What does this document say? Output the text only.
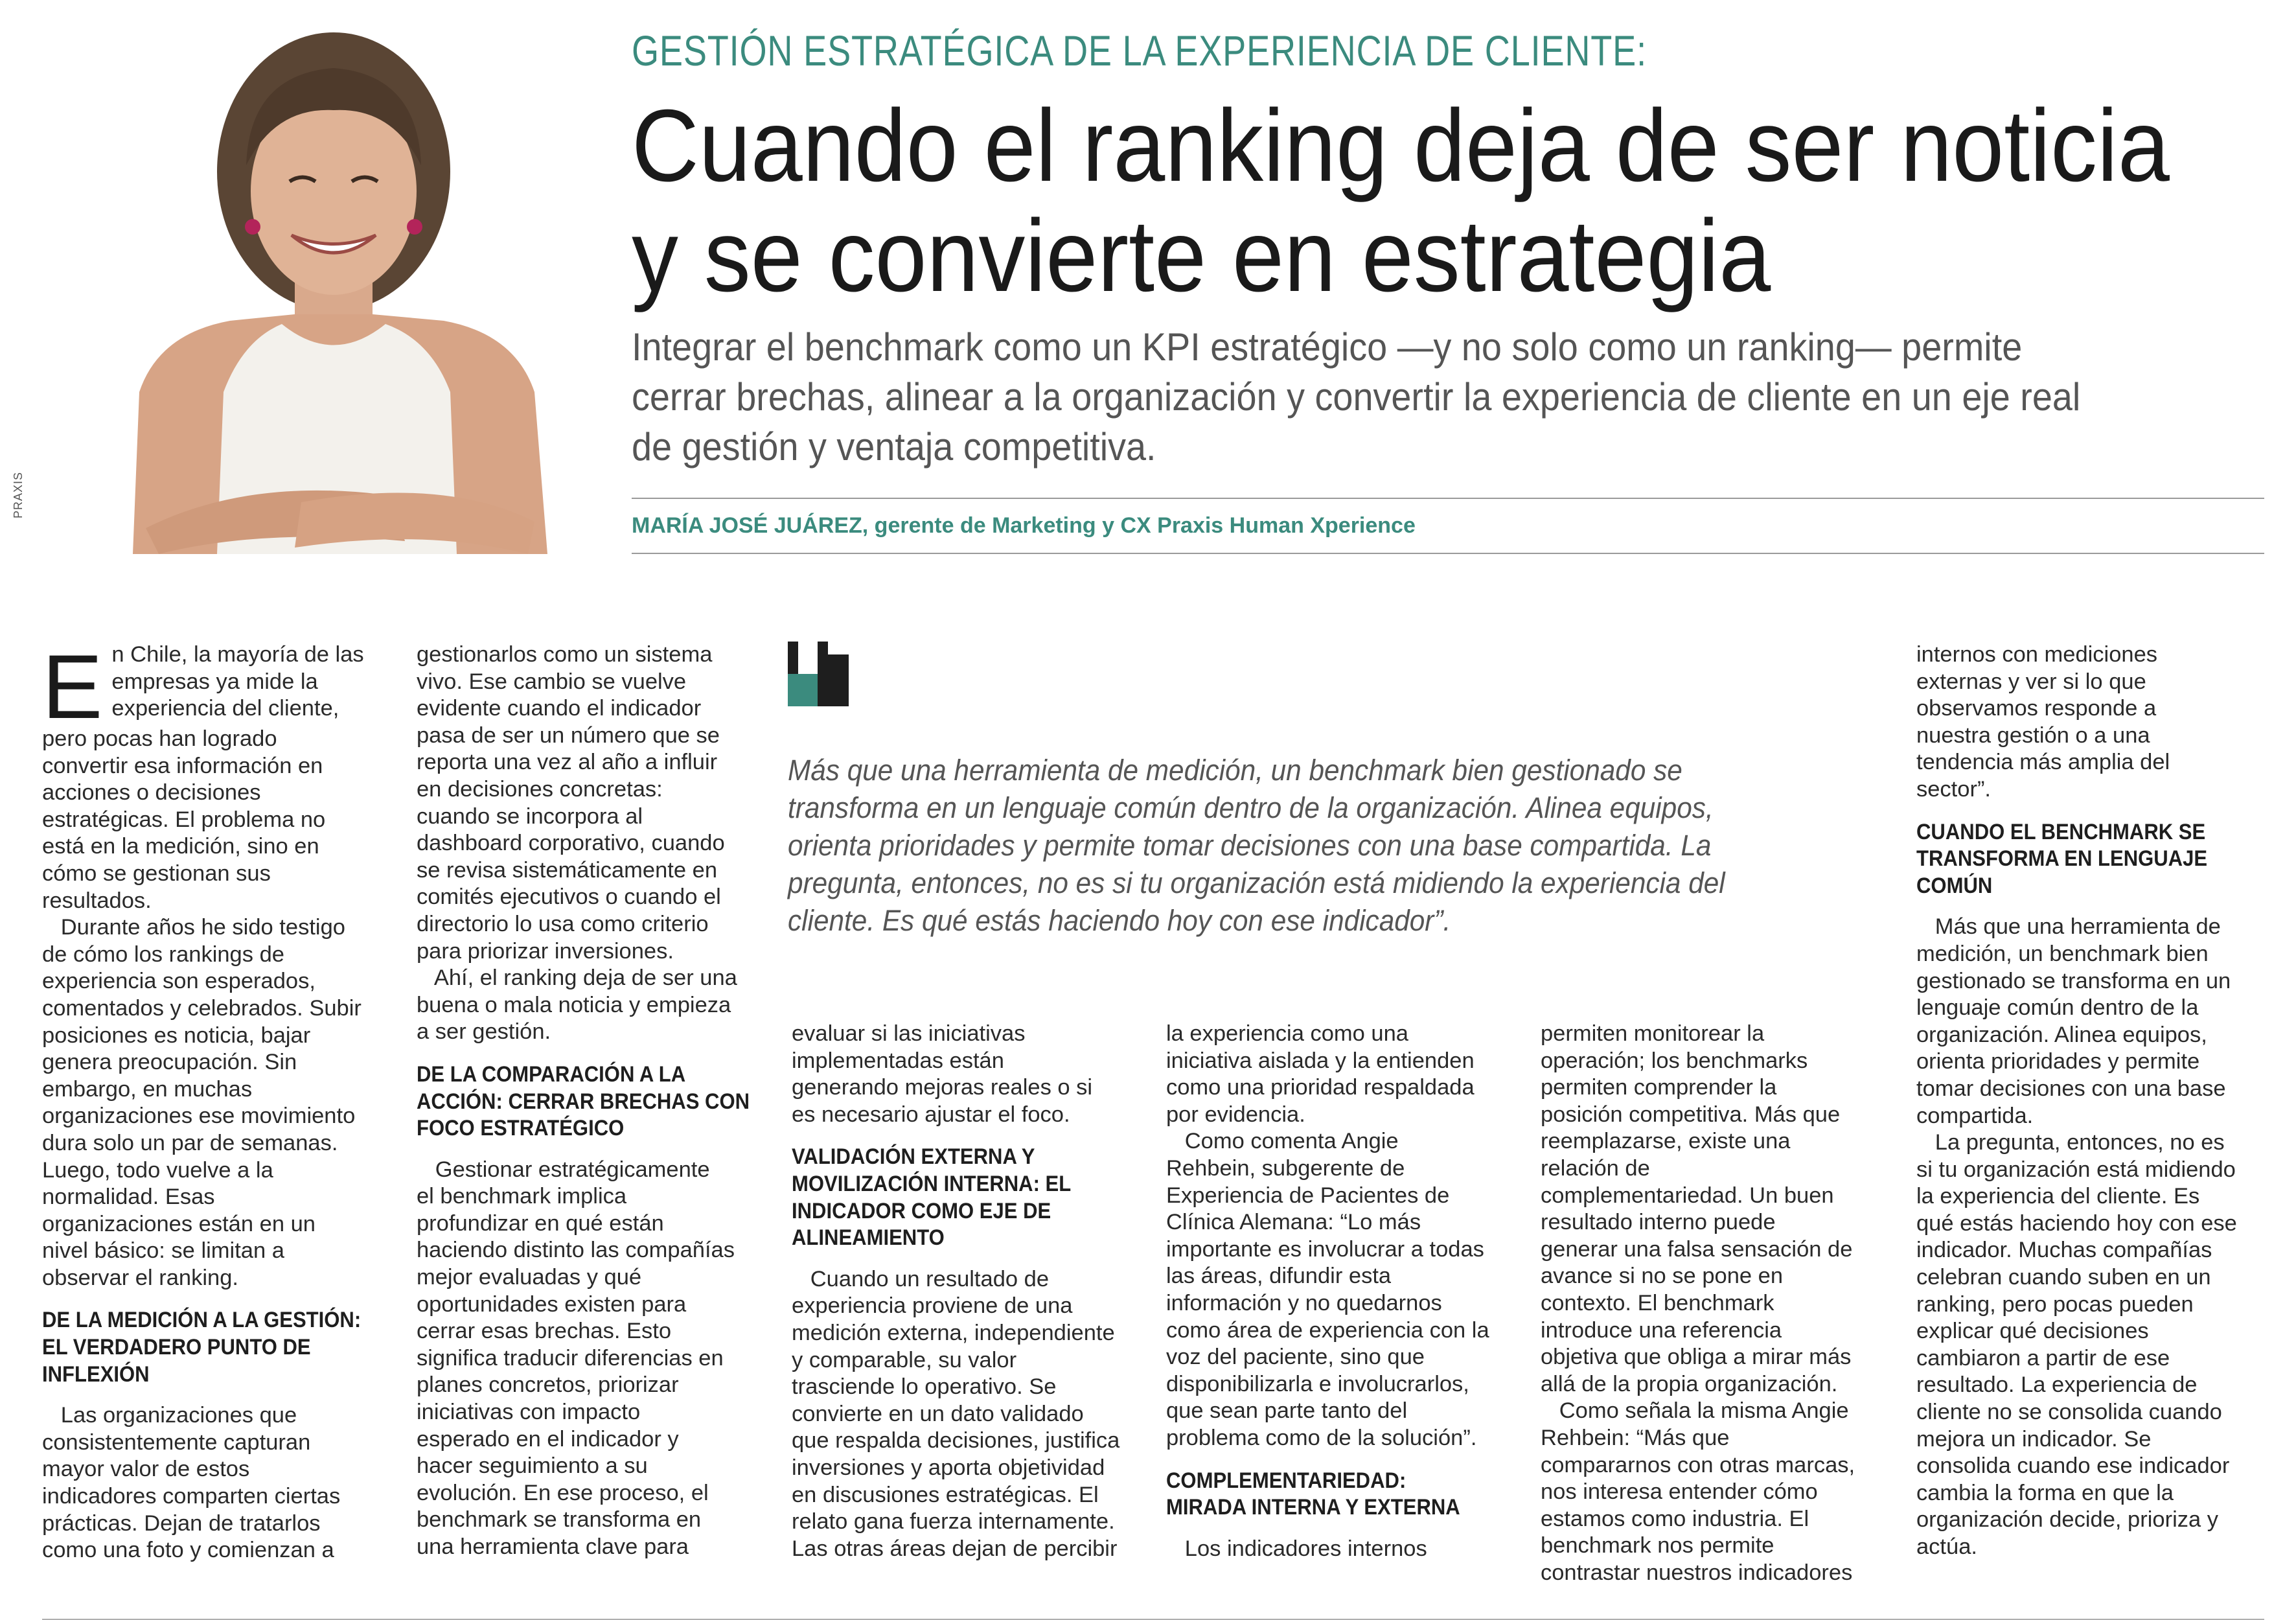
PRAXIS
GESTIÓN ESTRATÉGICA DE LA EXPERIENCIA DE CLIENTE:
Cuando el ranking deja de ser noticia
y se convierte en estrategia
Integrar el benchmark como un KPI estratégico —y no solo como un ranking— permite
cerrar brechas, alinear a la organización y convertir la experiencia de cliente en un eje real
de gestión y ventaja competitiva.
MARÍA JOSÉ JUÁREZ, gerente de Marketing y CX Praxis Human Xperience
Más que una herramienta de medición, un benchmark bien gestionado se
transforma en un lenguaje común dentro de la organización. Alinea equipos,
orienta prioridades y permite tomar decisiones con una base compartida. La
pregunta, entonces, no es si tu organización está midiendo la experiencia del
cliente. Es qué estás haciendo hoy con ese indicador”.
E n Chile, la mayoría de las
empresas ya mide la
experiencia del cliente,
pero pocas han logrado
convertir esa información en
acciones o decisiones
estratégicas. El problema no
está en la medición, sino en
cómo se gestionan sus
resultados.
Durante años he sido testigo
de cómo los rankings de
experiencia son esperados,
comentados y celebrados. Subir
posiciones es noticia, bajar
genera preocupación. Sin
embargo, en muchas
organizaciones ese movimiento
dura solo un par de semanas.
Luego, todo vuelve a la
normalidad. Esas
organizaciones están en un
nivel básico: se limitan a
observar el ranking.
DE LA MEDICIÓN A LA GESTIÓN:
EL VERDADERO PUNTO DE
INFLEXIÓN
Las organizaciones que
consistentemente capturan
mayor valor de estos
indicadores comparten ciertas
prácticas. Dejan de tratarlos
como una foto y comienzan a
gestionarlos como un sistema
vivo. Ese cambio se vuelve
evidente cuando el indicador
pasa de ser un número que se
reporta una vez al año a influir
en decisiones concretas:
cuando se incorpora al
dashboard corporativo, cuando
se revisa sistemáticamente en
comités ejecutivos o cuando el
directorio lo usa como criterio
para priorizar inversiones.
Ahí, el ranking deja de ser una
buena o mala noticia y empieza
a ser gestión.
DE LA COMPARACIÓN A LA
ACCIÓN: CERRAR BRECHAS CON
FOCO ESTRATÉGICO
Gestionar estratégicamente
el benchmark implica
profundizar en qué están
haciendo distinto las compañías
mejor evaluadas y qué
oportunidades existen para
cerrar esas brechas. Esto
significa traducir diferencias en
planes concretos, priorizar
iniciativas con impacto
esperado en el indicador y
hacer seguimiento a su
evolución. En ese proceso, el
benchmark se transforma en
una herramienta clave para
evaluar si las iniciativas
implementadas están
generando mejoras reales o si
es necesario ajustar el foco.
VALIDACIÓN EXTERNA Y
MOVILIZACIÓN INTERNA: EL
INDICADOR COMO EJE DE
ALINEAMIENTO
Cuando un resultado de
experiencia proviene de una
medición externa, independiente
y comparable, su valor
trasciende lo operativo. Se
convierte en un dato validado
que respalda decisiones, justifica
inversiones y aporta objetividad
en discusiones estratégicas. El
relato gana fuerza internamente.
Las otras áreas dejan de percibir
la experiencia como una
iniciativa aislada y la entienden
como una prioridad respaldada
por evidencia.
Como comenta Angie
Rehbein, subgerente de
Experiencia de Pacientes de
Clínica Alemana: “Lo más
importante es involucrar a todas
las áreas, difundir esta
información y no quedarnos
como área de experiencia con la
voz del paciente, sino que
disponibilizarla e involucrarlos,
que sean parte tanto del
problema como de la solución”.
COMPLEMENTARIEDAD:
MIRADA INTERNA Y EXTERNA
Los indicadores internos
permiten monitorear la
operación; los benchmarks
permiten comprender la
posición competitiva. Más que
reemplazarse, existe una
relación de
complementariedad. Un buen
resultado interno puede
generar una falsa sensación de
avance si no se pone en
contexto. El benchmark
introduce una referencia
objetiva que obliga a mirar más
allá de la propia organización.
Como señala la misma Angie
Rehbein: “Más que
compararnos con otras marcas,
nos interesa entender cómo
estamos como industria. El
benchmark nos permite
contrastar nuestros indicadores
internos con mediciones
externas y ver si lo que
observamos responde a
nuestra gestión o a una
tendencia más amplia del
sector”.
CUANDO EL BENCHMARK SE
TRANSFORMA EN LENGUAJE
COMÚN
Más que una herramienta de
medición, un benchmark bien
gestionado se transforma en un
lenguaje común dentro de la
organización. Alinea equipos,
orienta prioridades y permite
tomar decisiones con una base
compartida.
La pregunta, entonces, no es
si tu organización está midiendo
la experiencia del cliente. Es
qué estás haciendo hoy con ese
indicador. Muchas compañías
celebran cuando suben en un
ranking, pero pocas pueden
explicar qué decisiones
cambiaron a partir de ese
resultado. La experiencia de
cliente no se consolida cuando
mejora un indicador. Se
consolida cuando ese indicador
cambia la forma en que la
organización decide, prioriza y
actúa.
